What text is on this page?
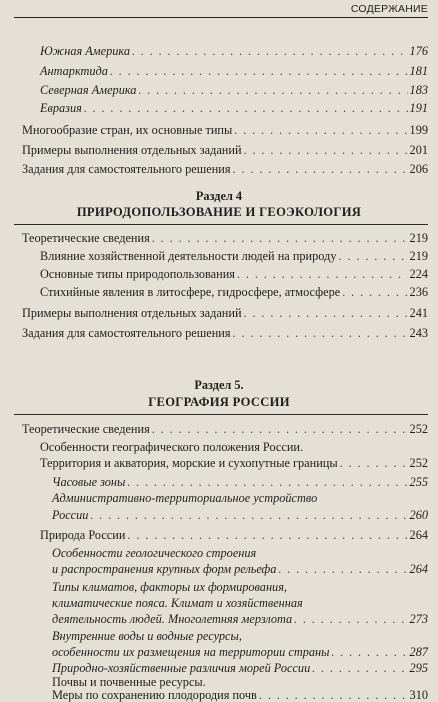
СОДЕРЖАНИЕ
Южная Америка . . .	176
Антарктида . . .	181
Северная Америка . . .	183
Евразия . . .	191
Многообразие стран, их основные типы . . .	199
Примеры выполнения отдельных заданий . . .	201
Задания для самостоятельного решения . . .	206
Раздел 4
ПРИРОДОПОЛЬЗОВАНИЕ И ГЕОЭКОЛОГИЯ
Теоретические сведения . . .	219
Влияние хозяйственной деятельности людей на природу . . .	219
Основные типы природопользования . . .	224
Стихийные явления в литосфере, гидросфере, атмосфере . . .	236
Примеры выполнения отдельных заданий . . .	241
Задания для самостоятельного решения . . .	243
Раздел 5.
ГЕОГРАФИЯ РОССИИ
Теоретические сведения . . .	252
Особенности географического положения России.
Территория и акватория, морские и сухопутные границы . . .	252
Часовые зоны . . .	255
Административно-территориальное устройство
России . . .	260
Природа России . . .	264
Особенности геологического строения
и распространения крупных форм рельефа . . .	264
Типы климатов, факторы их формирования,
климатические пояса. Климат и хозяйственная
деятельность людей. Многолетняя мерзлота . . .	273
Внутренние воды и водные ресурсы,
особенности их размещения на территории страны . . .	287
Природно-хозяйственные различия морей России . . .	295
Почвы и почвенные ресурсы.
Меры по сохранению плодородия почв . . .	310
